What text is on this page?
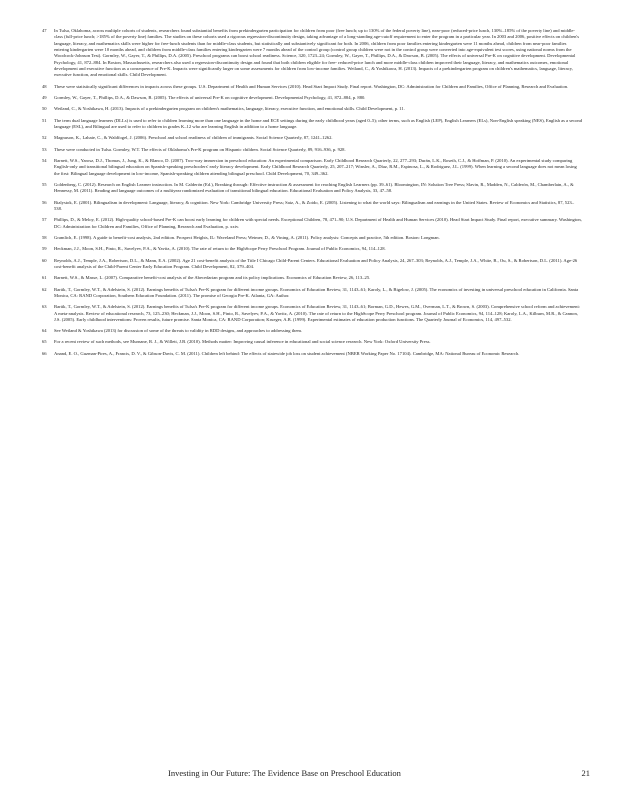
47	In Tulsa, Oklahoma, across multiple cohorts of students, researchers found substantial benefits from prekindergarten participation for children from poor (free lunch; up to 130% of the federal poverty line), near-poor (reduced-price lunch, 130%–185% of the poverty line) and middle-class (full-price lunch; >185% of the poverty line) families. The studies on these cohorts used a rigorous regression-discontinuity design, taking advantage of a long-standing age-cutoff requirement to enter the program in a particular year. In 2003 and 2006, positive effects on children's language, literacy, and mathematics skills were higher for free-lunch students than for middle-class students, but statistically and substantively significant for both. In 2006, children from poor families entering kindergarten were 11 months ahead, children from near-poor families entering kindergarten were 10 months ahead, and children from middle-class families entering kindergarten were 7 months ahead of the control group (control group children were not in the control group were converted into age-equivalent test scores, using national norms from the Woodcock-Johnson Test). Gormley, W., Gayer, T., & Phillips, D.A. (2005). Preschool programs can boost school readiness. Science, 320, 1723–24; Gormley, W., Gayer, T., Phillips, D.A., & Dawson, B. (2005). The effects of universal Pre-K on cognitive development. Developmental Psychology, 41, 872–884. In Boston, Massachusetts, researchers also used a regression-discontinuity design and found that both children eligible for free- reduced-price lunch and more middle-class children improved their language, literacy, and mathematics outcomes, emotional development and executive function as a consequence of Pre-K. Impacts were significantly larger on some assessments for children from low-income families. Weiland, C., & Yoshikawa, H. (2013). Impacts of a prekindergarten program on children's mathematics, language, literacy, executive function, and emotional skills. Child Development.
48	These were statistically significant differences in impacts across these groups. U.S. Department of Health and Human Services (2010). Head Start Impact Study. Final report. Washington, DC: Administration for Children and Families, Office of Planning, Research and Evaluation.
49	Gormley, W., Gayer, T., Phillips, D.A., & Dawson, B. (2005). The effects of universal Pre-K on cognitive development. Developmental Psychology, 41, 872–884, p. 880.
50	Weiland, C., & Yoshikawa, H. (2013). Impacts of a prekindergarten program on children's mathematics, language, literacy, executive function, and emotional skills. Child Development, p. 11.
51	The term dual language learners (DLLs) is used to refer to children learning more than one language in the home and ECE settings during the early childhood years (aged 0–5); other terms, such as English (LEP), English Learners (ELs), Non-English speaking (NES), English as a second language (ESL), and Bilingual are used to refer to children in grades K–12 who are learning English in addition to a home language.
52	Magnuson, K., Lahaie, C., & Waldfogel, J. (2006). Preschool and school readiness of children of immigrants. Social Science Quarterly, 87, 1241–1262.
53	These were conducted in Tulsa. Gormley, W.T. The effects of Oklahoma's Pre-K program on Hispanic children. Social Science Quarterly, 89, 916–936, p. 928.
54	Barnett, W.S., Yarosz, D.J., Thomas, J., Jung, K., & Blanco, D. (2007). Two-way immersion in preschool education: An experimental comparison. Early Childhood Research Quarterly, 22, 277–293; Durán, L.K., Roseth, C.J., & Hoffman, P. (2010). An experimental study comparing English-only and transitional bilingual education on Spanish-speaking preschoolers' early literacy development. Early Childhood Research Quarterly, 25, 207–217; Winsler, A., Díaz, R.M., Espinosa, L., & Rodriguez, J.L. (1999). When learning a second language does not mean losing the first: Bilingual language development in low-income, Spanish-speaking children attending bilingual preschool. Child Development, 70, 349–362.
55	Goldenberg, C. (2012). Research on English Learner instruction. In M. Calderón (Ed.), Breaking through: Effective instruction & assessment for reaching English Learners (pp. 39–61). Bloomington, IN: Solution Tree Press; Slavin, R., Madden, N., Calderón, M., Chamberlain, A., & Hennessy, M. (2011). Reading and language outcomes of a multiyear randomized evaluation of transitional bilingual education. Educational Evaluation and Policy Analysis, 33, 47–58.
56	Bialystok, E. (2001). Bilingualism in development: Language, literacy, & cognition. New York: Cambridge University Press; Saiz, A., & Zoido, E. (2005). Listening to what the world says: Bilingualism and earnings in the United States. Review of Economics and Statistics, 87, 523–538.
57	Phillips, D., & Meloy, E. (2012). High-quality school-based Pre-K can boost early learning for children with special needs. Exceptional Children, 78, 471–90; U.S. Department of Health and Human Services (2010). Head Start Impact Study. Final report, executive summary. Washington, DC: Administration for Children and Families, Office of Planning, Research and Evaluation, p. xxiv.
58	Gramlich, E. (1998). A guide to benefit-cost analysis, 2nd edition. Prospect Heights, IL: Waveland Press; Weimer, D., & Vining, A. (2011). Policy analysis: Concepts and practice, 5th edition. Boston: Longman.
59	Heckman, J.J., Moon, S.H., Pinto, R., Savelyev, P.A., & Yavitz, A. (2010). The rate of return to the HighScope Perry Preschool Program. Journal of Public Economics, 94, 114–128.
60	Reynolds, A.J., Temple, J.A., Robertson, D.L., & Mann, E.A. (2002). Age 21 cost-benefit analysis of the Title I Chicago Child-Parent Centers. Educational Evaluation and Policy Analysis, 24, 267–303; Reynolds, A.J., Temple, J.A., White, B., Ou, S., & Robertson, D.L. (2011). Age-26 cost-benefit analysis of the Child-Parent Center Early Education Program. Child Development, 82, 379–404.
61	Barnett, W.S., & Masse, L. (2007). Comparative benefit-cost analysis of the Abecedarian program and its policy implications. Economics of Education Review, 26, 113–25.
62	Bartik, T., Gormley, W.T., & Adelstein, S. (2012). Earnings benefits of Tulsa's Pre-K program for different income groups. Economics of Education Review, 31, 1143–61; Karoly, L., & Bigelow, J. (2005). The economics of investing in universal preschool education in California. Santa Monica, CA: RAND Corporation, Southern Education Foundation. (2011). The promise of Georgia Pre-K. Atlanta, GA: Author.
63	Bartik, T., Gormley, W.T., & Adelstein, S. (2012). Earnings benefits of Tulsa's Pre-K program for different income groups. Economics of Education Review, 31, 1143–61; Borman, G.D., Hewes, G.M., Overman, L.T., & Brown, S. (2003). Comprehensive school reform and achievement: A meta-analysis. Review of educational research, 73, 125–230; Heckman, J.J., Moon, S.H., Pinto, R., Savelyev, P.A., & Yavitz, A. (2010). The rate of return to the HighScope Perry Preschool program. Journal of Public Economics, 94, 114–128; Karoly, L.A., Kilburn, M.R., & Cannon, J.S. (2005). Early childhood interventions: Proven results, future promise. Santa Monica, CA: RAND Corporation; Krueger, A.B. (1999). Experimental estimates of education production functions. The Quarterly Journal of Economics, 114, 497–532.
64	See Weiland & Yoshikawa (2013) for discussion of some of the threats to validity in RDD designs, and approaches to addressing them.
65	For a recent review of such methods, see Murnane, R. J., & Willett, J.B. (2010). Methods matter: Improving causal inference in educational and social science research. New York: Oxford University Press.
66	Anand, E. O., Guzman-Pires, A., Francis, D. V., & Gibson-Davis, C. M. (2011). Children left behind: The effects of statewide job loss on student achievement (NBER Working Paper No. 17104). Cambridge, MA: National Bureau of Economic Research.
Investing in Our Future: The Evidence Base on Preschool Education	21
